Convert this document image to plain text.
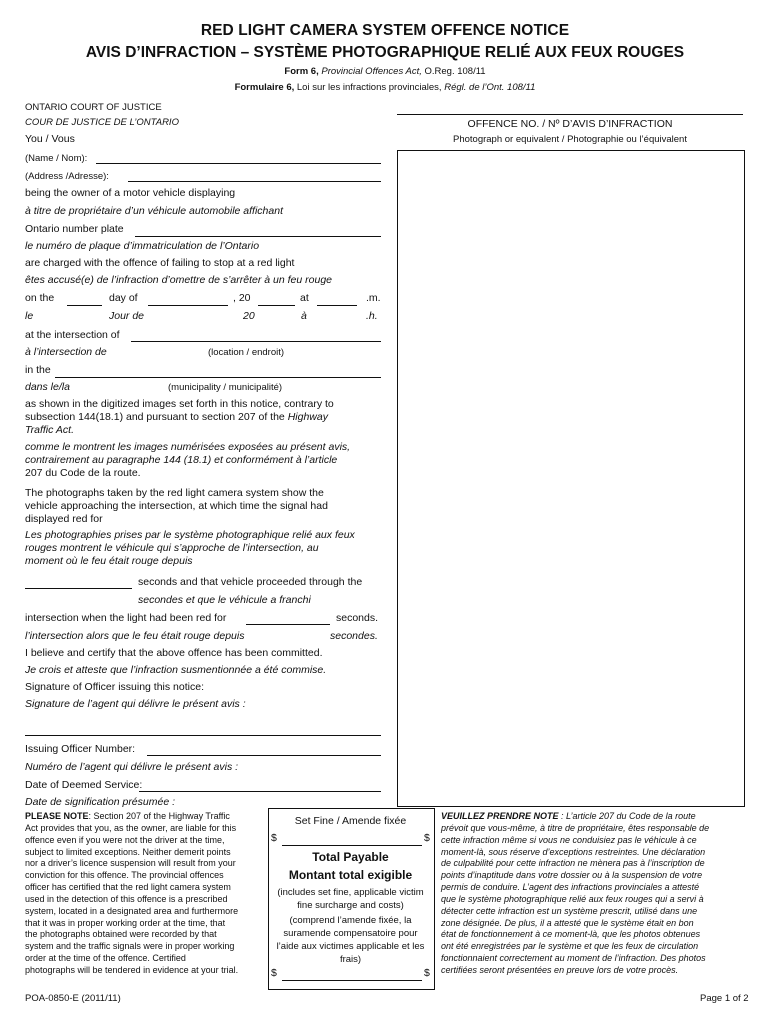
RED LIGHT CAMERA SYSTEM OFFENCE NOTICE
AVIS D’INFRACTION – SYSTÈME PHOTOGRAPHIQUE RELIÉ AUX FEUX ROUGES
Form 6, Provincial Offences Act, O.Reg. 108/11
Formulaire 6, Loi sur les infractions provinciales, Régl. de l’Ont. 108/11
ONTARIO COURT OF JUSTICE
COUR DE JUSTICE DE L’ONTARIO	OFFENCE NO. / Nº D’AVIS D’INFRACTION
Photograph or equivalent / Photographie ou l’équivalent
You / Vous
(Name / Nom):
(Address /Adresse):
being the owner of a motor vehicle displaying
à titre de propriétaire d’un véhicule automobile affichant
Ontario number plate
le numéro de plaque d’immatriculation de l’Ontario
are charged with the offence of failing to stop at a red light
êtes accusé(e) de l’infraction d’omettre de s’arrêter à un feu rouge
on the	day of	, 20	at	.m.
le	Jour de	20	à	.h.
at the intersection of
à l’intersection de	(location / endroit)
in the
dans le/la	(municipality / municipalité)
as shown in the digitized images set forth in this notice, contrary to
subsection 144(18.1) and pursuant to section 207 of the Highway
Traffic Act.
comme le montrent les images numérisées exposées au présent avis,
contrairement au paragraphe 144 (18.1) et conformément à l’article
207 du Code de la route.
The photographs taken by the red light camera system show the
vehicle approaching the intersection, at which time the signal had
displayed red for
Les photographies prises par le système photographique relié aux feux
rouges montrent le véhicule qui s’approche de l’intersection, au
moment où le feu était rouge depuis
seconds and that vehicle proceeded through the
secondes et que le véhicule a franchi
intersection when the light had been red for	seconds.
l’intersection alors que le feu était rouge depuis	secondes.
I believe and certify that the above offence has been committed.
Je crois et atteste que l’infraction susmentionnée a été commise.
Signature of Officer issuing this notice:
Signature de l’agent qui délivre le présent avis :
Issuing Officer Number:
Numéro de l’agent qui délivre le présent avis :
Date of Deemed Service:
Date de signification présumée :
PLEASE NOTE: Section 207 of the Highway Traffic
Act provides that you, as the owner, are liable for this
offence even if you were not the driver at the time,
subject to limited exceptions. Neither demerit points
nor a driver’s licence suspension will result from your
conviction for this offence. The provincial offences
officer has certified that the red light camera system
used in the detection of this offence is a prescribed
system, located in a designated area and furthermore
that it was in proper working order at the time, that
the photographs obtained were recorded by that
system and the traffic signals were in proper working
order at the time of the offence. Certified
photographs will be tendered in evidence at your trial.
Set Fine / Amende fixée
$	$
Total Payable
Montant total exigible
(includes set fine, applicable victim
fine surcharge and costs)
(comprend l’amende fixée, la
suramende compensatoire pour
l’aide aux victimes applicable et les
frais)
$	$
VEUILLEZ PRENDRE NOTE : L’article 207 du Code de la route
prévoit que vous-même, à titre de propriétaire, êtes responsable de
cette infraction même si vous ne conduisiez pas le véhicule à ce
moment-là, sous réserve d’exceptions restreintes. Une déclaration
de culpabilité pour cette infraction ne mènera pas à l’inscription de
points d’inaptitude dans votre dossier ou à la suspension de votre
permis de conduire. L’agent des infractions provinciales a attesté
que le système photographique relié aux feux rouges qui a servi à
détecter cette infraction est un système prescrit, utilisé dans une
zone désignée. De plus, il a attesté que le système était en bon
état de fonctionnement à ce moment-là, que les photos obtenues
ont été enregistrées par le système et que les feux de circulation
fonctionnaient correctement au moment de l’infraction. Des photos
certifiées seront présentées en preuve lors de votre procès.
POA-0850-E (2011/11)	Page 1 of 2
